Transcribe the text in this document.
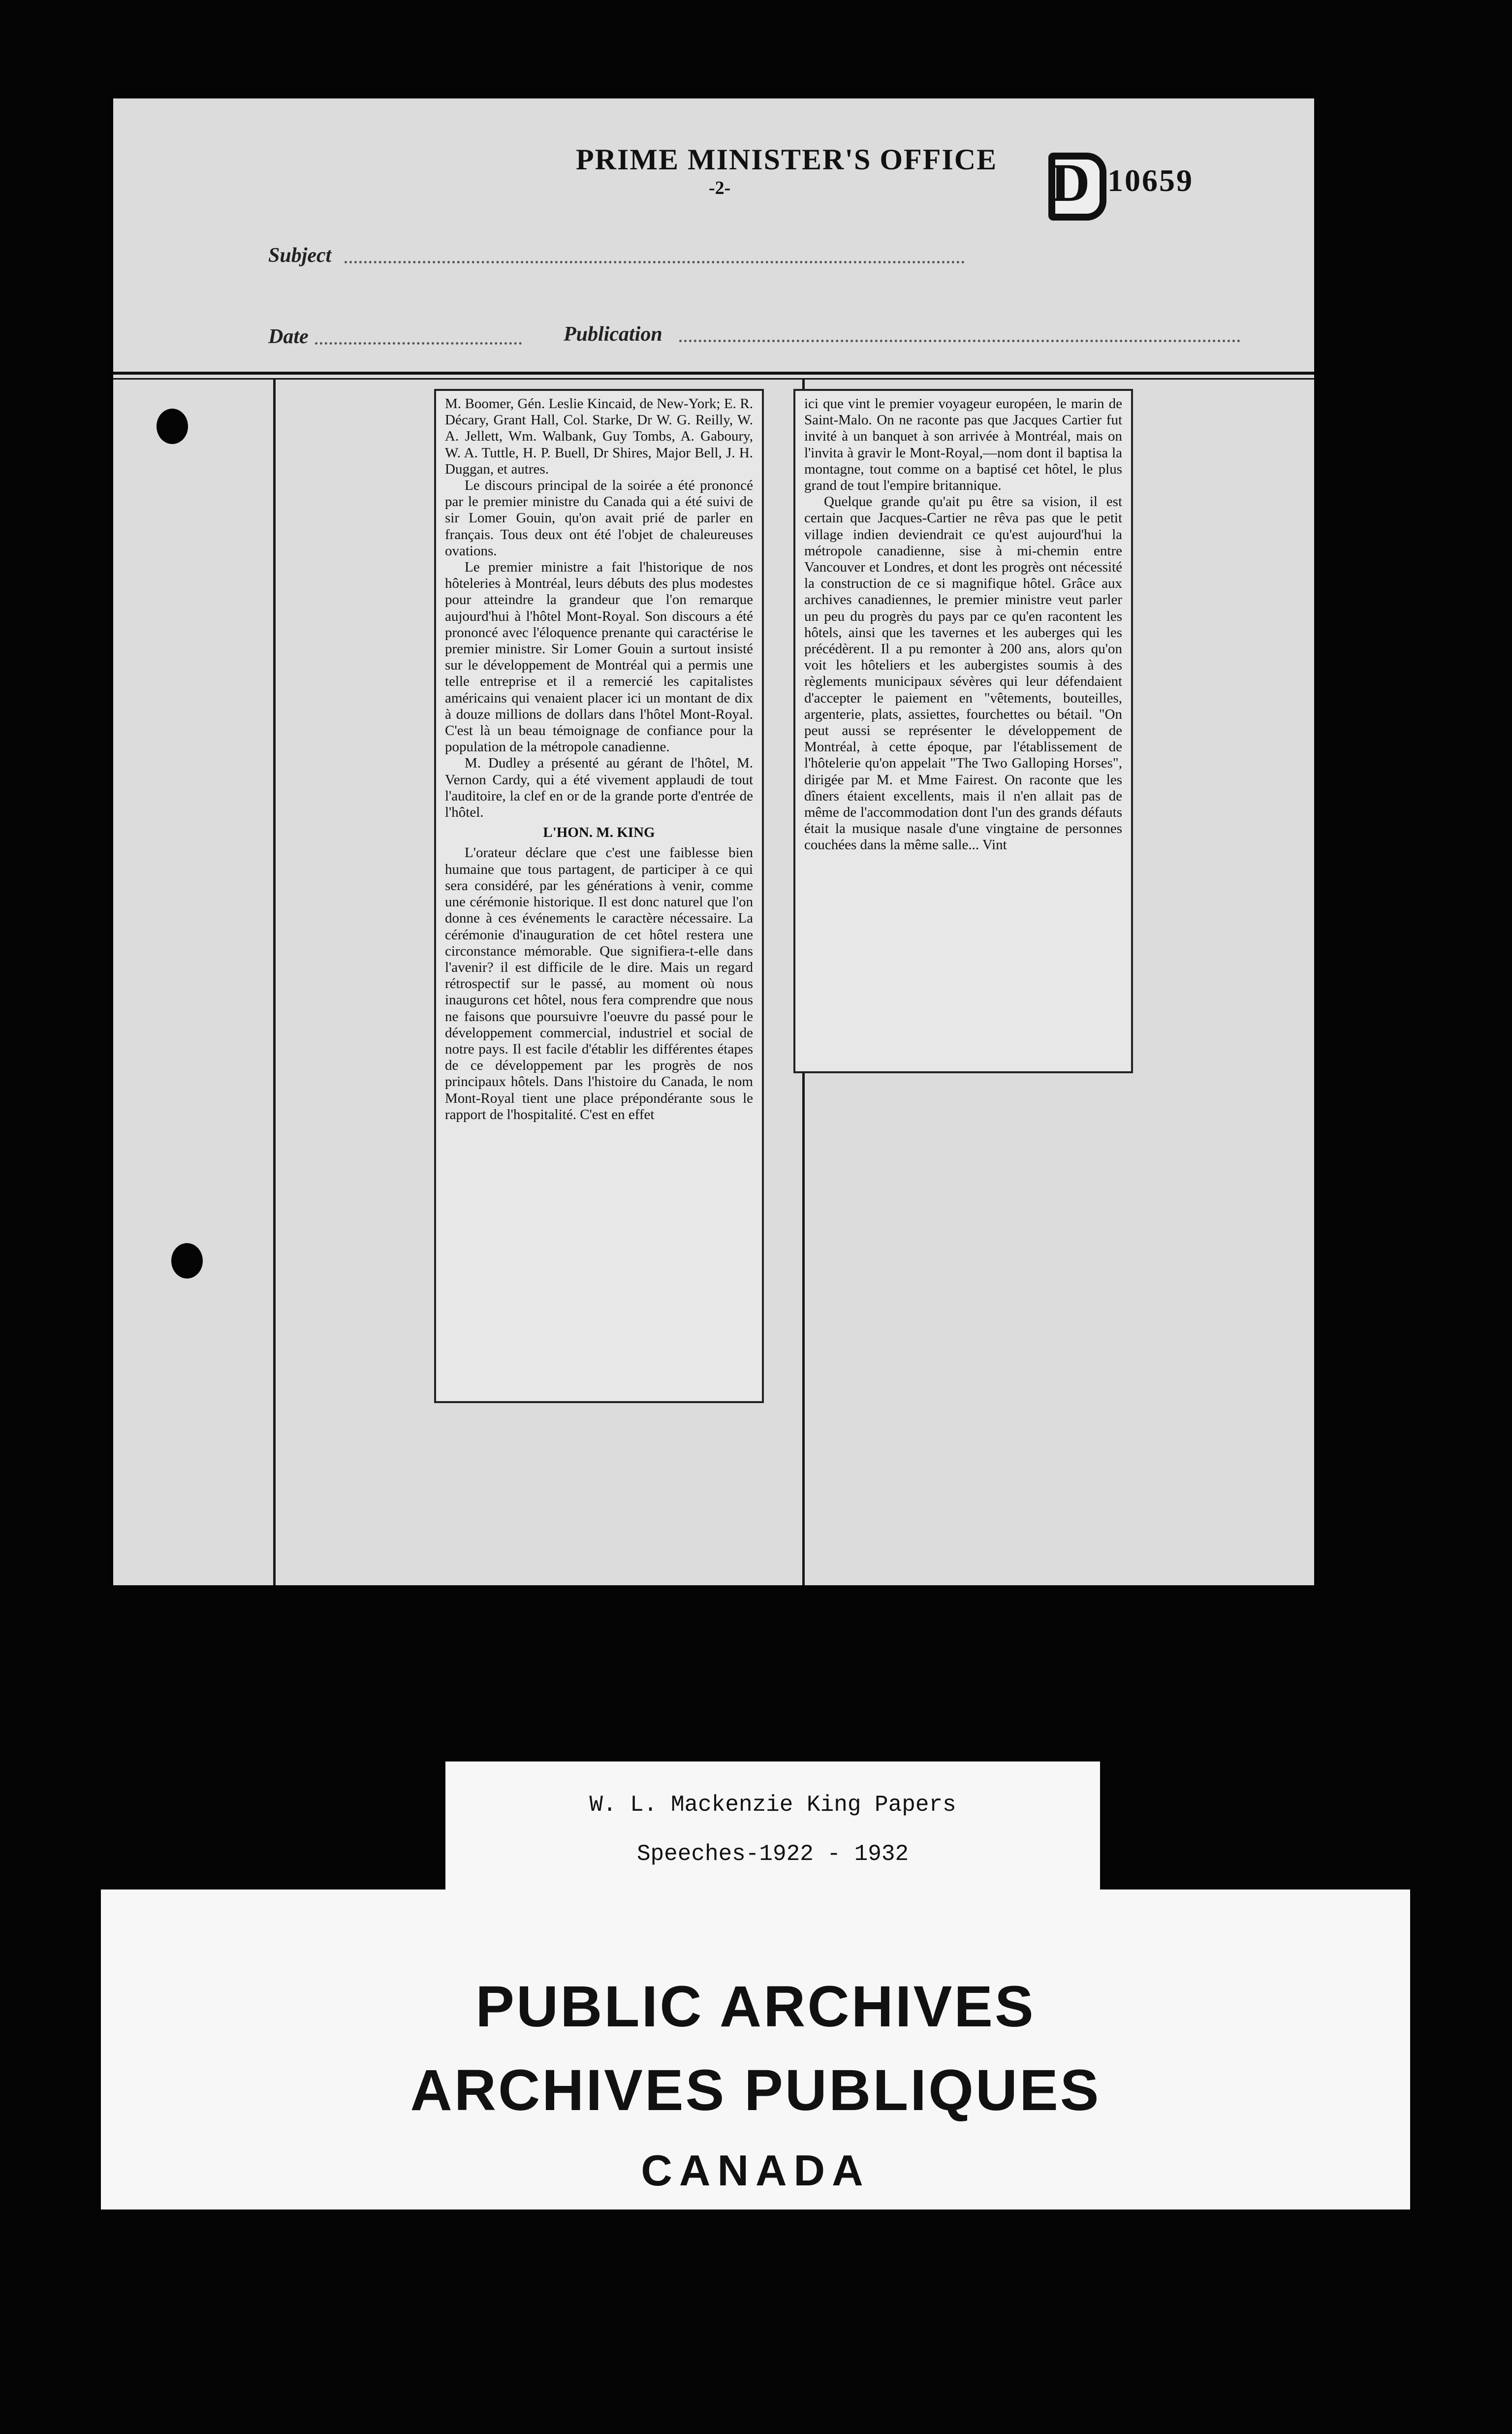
PRIME MINISTER'S OFFICE
-2-	D 10659
Subject
Date	Publication

M. Boomer, Gén. Leslie Kincaid, de New-York; E. R. Décary, Grant Hall, Col. Starke, Dr W. G. Reilly, W. A. Jellett, Wm. Walbank, Guy Tombs, A. Gaboury, W. A. Tuttle, H. P. Buell, Dr Shires, Major Bell, J. H. Duggan, et autres.

Le discours principal de la soirée a été prononcé par le premier ministre du Canada qui a été suivi de sir Lomer Gouin, qu'on avait prié de parler en français. Tous deux ont été l'objet de chaleureuses ovations.

Le premier ministre a fait l'historique de nos hôteleries à Montréal, leurs débuts des plus modestes pour atteindre la grandeur que l'on remarque aujourd'hui à l'hôtel Mont-Royal. Son discours a été prononcé avec l'éloquence prenante qui caractérise le premier ministre. Sir Lomer Gouin a surtout insisté sur le développement de Montréal qui a permis une telle entreprise et il a remercié les capitalistes américains qui venaient placer ici un montant de dix à douze millions de dollars dans l'hôtel Mont-Royal. C'est là un beau témoignage de confiance pour la population de la métropole canadienne.

M. Dudley a présenté au gérant de l'hôtel, M. Vernon Cardy, qui a été vivement applaudi de tout l'auditoire, la clef en or de la grande porte d'entrée de l'hôtel.

L'HON. M. KING

L'orateur déclare que c'est une faiblesse bien humaine que tous partagent, de participer à ce qui sera considéré, par les générations à venir, comme une cérémonie historique. Il est donc naturel que l'on donne à ces événements le caractère nécessaire. La cérémonie d'inauguration de cet hôtel restera une circonstance mémorable. Que signifiera-t-elle dans l'avenir? il est difficile de le dire. Mais un regard rétrospectif sur le passé, au moment où nous inaugurons cet hôtel, nous fera comprendre que nous ne faisons que poursuivre l'oeuvre du passé pour le développement commercial, industriel et social de notre pays. Il est facile d'établir les différentes étapes de ce développement par les progrès de nos principaux hôtels. Dans l'histoire du Canada, le nom Mont-Royal tient une place prépondérante sous le rapport de l'hospitalité. C'est en effet

ici que vint le premier voyageur européen, le marin de Saint-Malo. On ne raconte pas que Jacques Cartier fut invité à un banquet à son arrivée à Montréal, mais on l'invita à gravir le Mont-Royal,—nom dont il baptisa la montagne, tout comme on a baptisé cet hôtel, le plus grand de tout l'empire britannique.

Quelque grande qu'ait pu être sa vision, il est certain que Jacques-Cartier ne rêva pas que le petit village indien deviendrait ce qu'est aujourd'hui la métropole canadienne, sise à mi-chemin entre Vancouver et Londres, et dont les progrès ont nécessité la construction de ce si magnifique hôtel. Grâce aux archives canadiennes, le premier ministre veut parler un peu du progrès du pays par ce qu'en racontent les hôtels, ainsi que les tavernes et les auberges qui les précédèrent. Il a pu remonter à 200 ans, alors qu'on voit les hôteliers et les aubergistes soumis à des règlements municipaux sévères qui leur défendaient d'accepter le paiement en "vêtements, bouteilles, argenterie, plats, assiettes, fourchettes ou bétail. "On peut aussi se représenter le développement de Montréal, à cette époque, par l'établissement de l'hôtelerie qu'on appelait "The Two Galloping Horses", dirigée par M. et Mme Fairest. On raconte que les dîners étaient excellents, mais il n'en allait pas de même de l'accommodation dont l'un des grands défauts était la musique nasale d'une vingtaine de personnes couchées dans la même salle... Vint

W. L. Mackenzie King Papers
Speeches-1922 - 1932
PUBLIC ARCHIVES
ARCHIVES PUBLIQUES
CANADA
